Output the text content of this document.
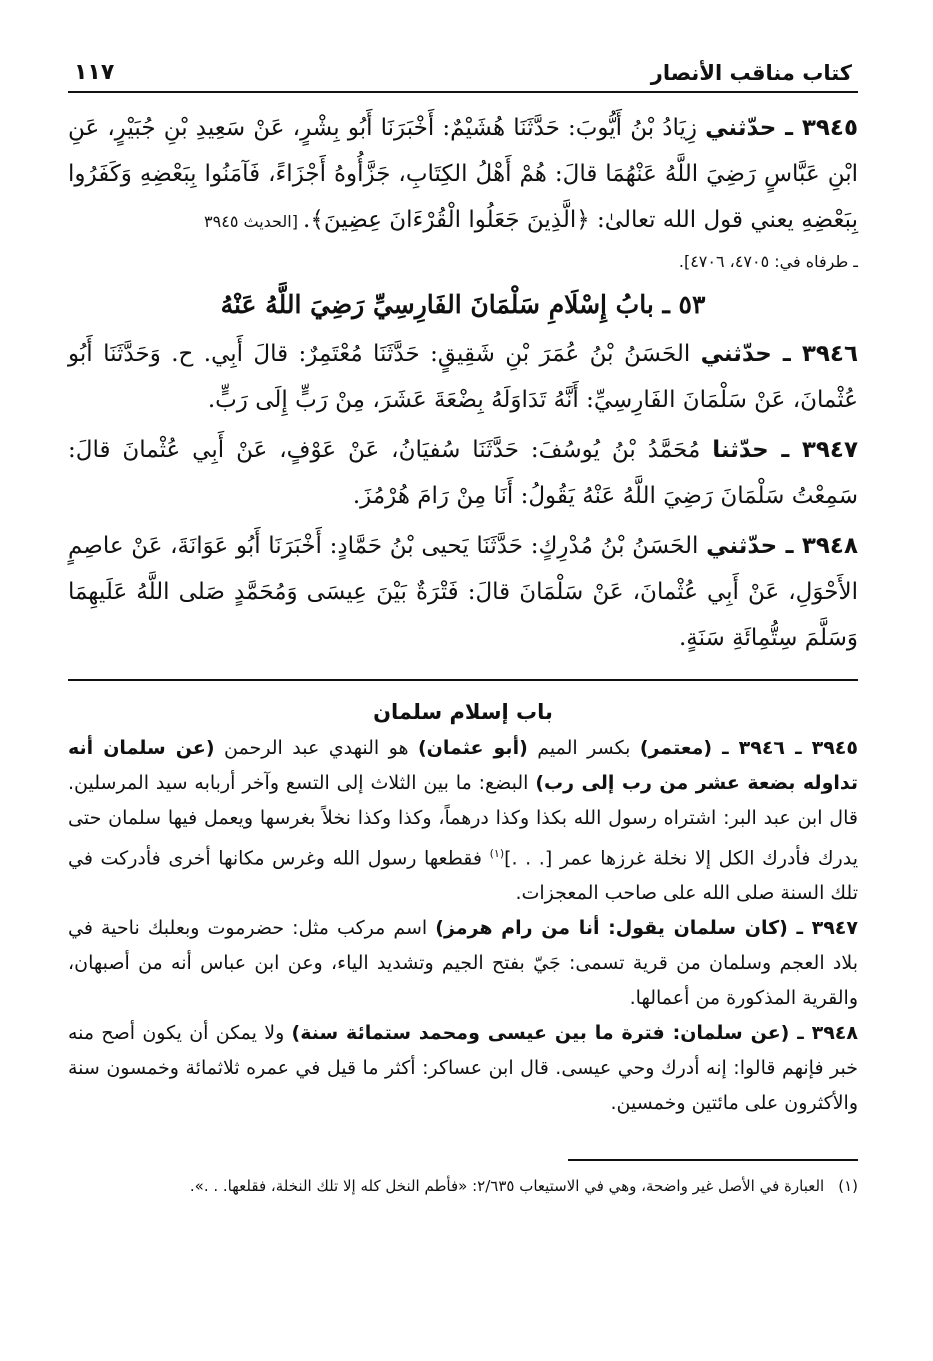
كتاب مناقب الأنصار
١١٧

٣٩٤٥ ـ حدّثني زِيَادُ بْنُ أَيُّوبَ: حَدَّثَنَا هُشَيْمٌ: أَخْبَرَنَا أَبُو بِشْرٍ، عَنْ سَعِيدِ بْنِ جُبَيْرٍ، عَنِ ابْنِ عَبَّاسٍ رَضِيَ اللَّهُ عَنْهُمَا قالَ: هُمْ أَهْلُ الكِتَابِ، جَزَّأُوهُ أَجْزَاءً، فَآمَنُوا بِبَعْضِهِ وَكَفَرُوا بِبَعْضِهِ يعني قول الله تعالىٰ: ﴿الَّذِينَ جَعَلُوا الْقُرْءَانَ عِضِينَ﴾. [الحديث ٣٩٤٥

ـ طرفاه في: ٤٧٠٥، ٤٧٠٦].

٥٣ ـ بابُ إِسْلَامِ سَلْمَانَ الفَارِسِيِّ رَضِيَ اللَّهُ عَنْهُ

٣٩٤٦ ـ حدّثني الحَسَنُ بْنُ عُمَرَ بْنِ شَقِيقٍ: حَدَّثَنَا مُعْتَمِرٌ: قالَ أَبِي. ح. وَحَدَّثَنَا أَبُو عُثْمانَ، عَنْ سَلْمَانَ الفَارِسِيِّ: أَنَّهُ تَدَاوَلَهُ بِضْعَةَ عَشَرَ، مِنْ رَبٍّ إِلَى رَبٍّ.

٣٩٤٧ ـ حدّثنا مُحَمَّدُ بْنُ يُوسُفَ: حَدَّثَنَا سُفيَانُ، عَنْ عَوْفٍ، عَنْ أَبِي عُثْمانَ قالَ: سَمِعْتُ سَلْمَانَ رَضِيَ اللَّهُ عَنْهُ يَقُولُ: أَنَا مِنْ رَامَ هُرْمُزَ.

٣٩٤٨ ـ حدّثني الحَسَنُ بْنُ مُدْرِكٍ: حَدَّثَنَا يَحيى بْنُ حَمَّادٍ: أَخْبَرَنَا أَبُو عَوَانَةَ، عَنْ عاصِمٍ الأَحْوَلِ، عَنْ أَبِي عُثْمانَ، عَنْ سَلْمَانَ قالَ: فَتْرَةٌ بَيْنَ عِيسَى وَمُحَمَّدٍ صَلى اللَّهُ عَلَيهِمَا وَسَلَّمَ سِتُّمِائَةِ سَنَةٍ.

باب إسلام سلمان

٣٩٤٥ ـ ٣٩٤٦ ـ (معتمر) بكسر الميم (أبو عثمان) هو النهدي عبد الرحمن (عن سلمان أنه تداوله بضعة عشر من رب إلى رب) البضع: ما بين الثلاث إلى التسع وآخر أربابه سيد المرسلين. قال ابن عبد البر: اشتراه رسول الله بكذا وكذا درهماً، وكذا وكذا نخلاً بغرسها ويعمل فيها سلمان حتى يدرك فأدرك الكل إلا نخلة غرزها عمر [. . .]$^{(١)}$ فقطعها رسول الله وغرس مكانها أخرى فأدركت في تلك السنة صلى الله على صاحب المعجزات.

٣٩٤٧ ـ (كان سلمان يقول: أنا من رام هرمز) اسم مركب مثل: حضرموت وبعلبك ناحية في بلاد العجم وسلمان من قرية تسمى: جَيّ بفتح الجيم وتشديد الياء، وعن ابن عباس أنه من أصبهان، والقرية المذكورة من أعمالها.

٣٩٤٨ ـ (عن سلمان: فترة ما بين عيسى ومحمد ستمائة سنة) ولا يمكن أن يكون أصح منه خبر فإنهم قالوا: إنه أدرك وحي عيسى. قال ابن عساكر: أكثر ما قيل في عمره ثلاثمائة وخمسون سنة والأكثرون على مائتين وخمسين.

(١)العبارة في الأصل غير واضحة، وهي في الاستيعاب ٢/٦٣٥: «فأطم النخل كله إلا تلك النخلة، فقلعها. . .».
